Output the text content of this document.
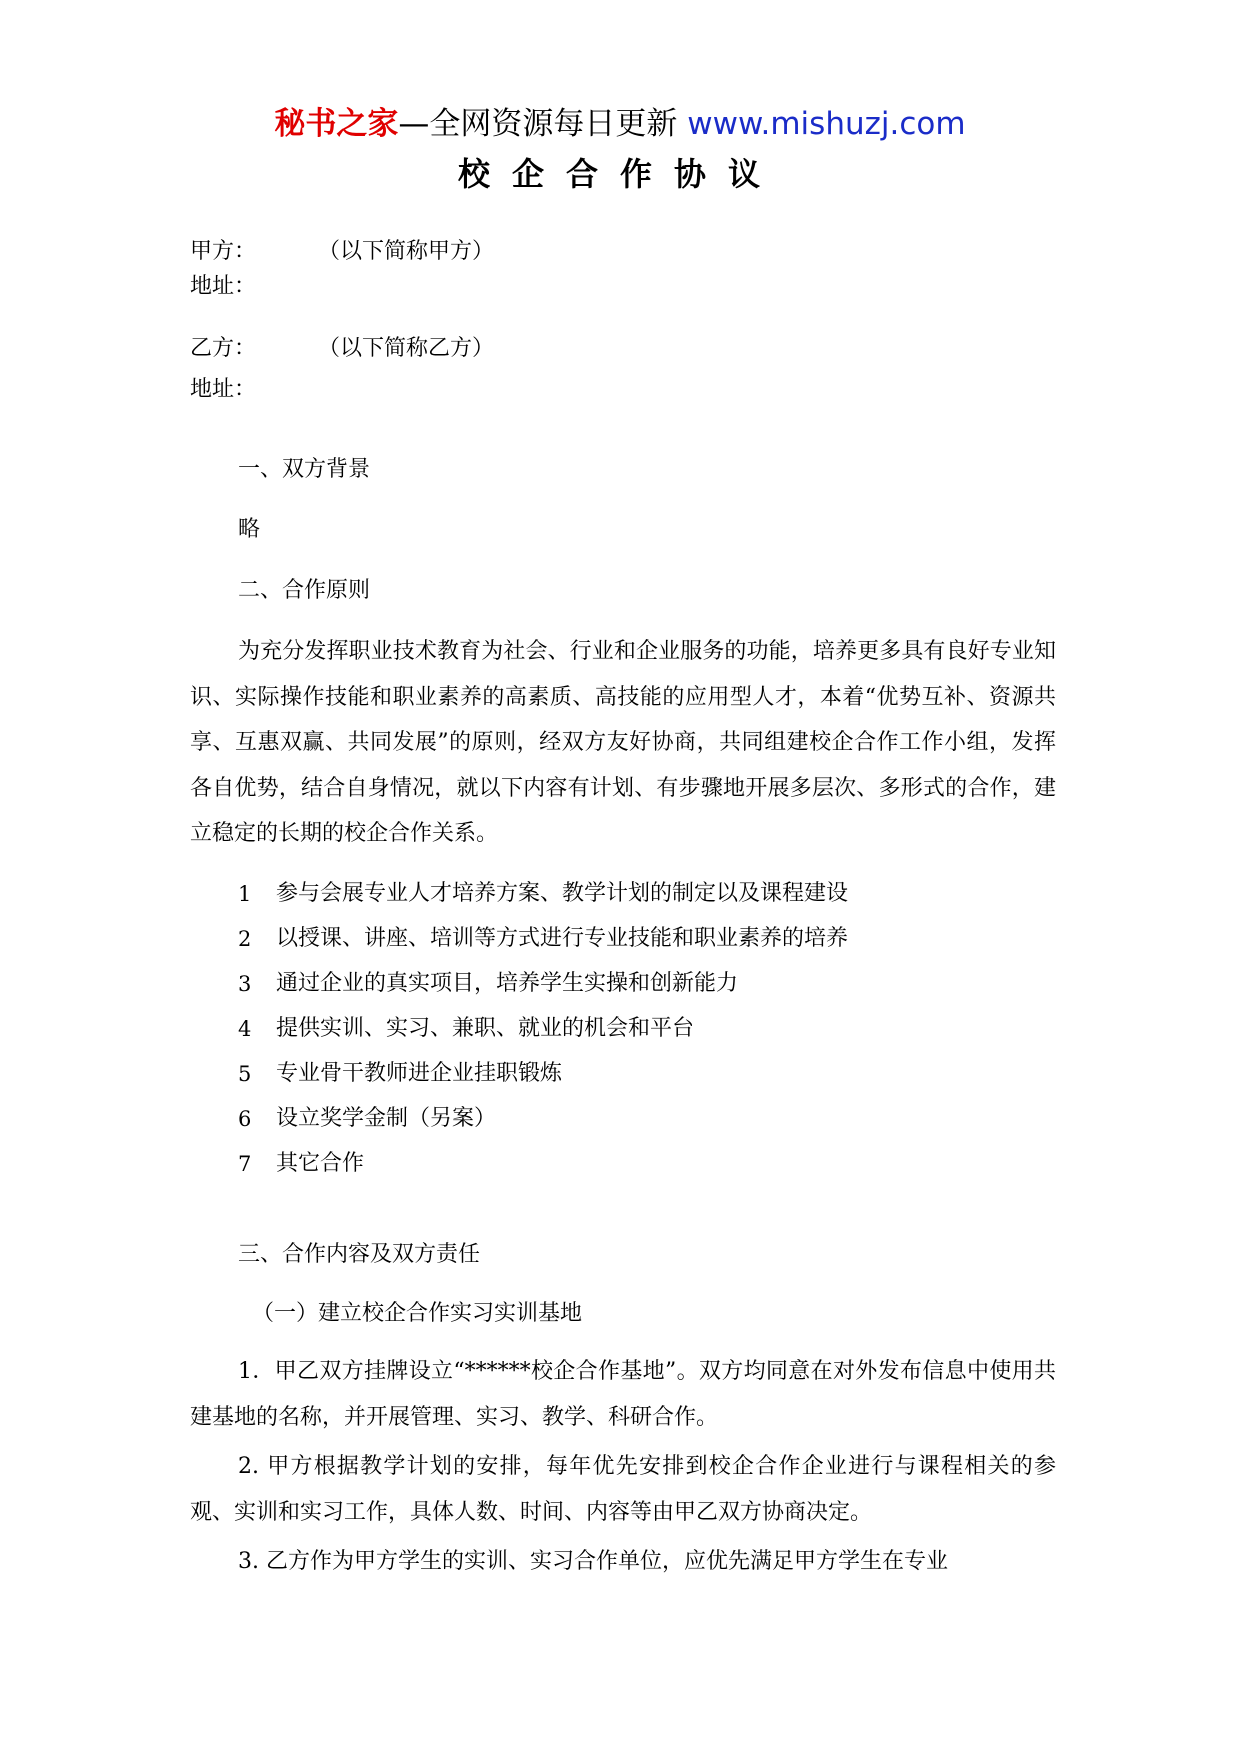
秘书之家—全网资源每日更新 www.mishuzj.com
校企合作协议
甲方：	（以下简称甲方）
地址：
乙方：	（以下简称乙方）
地址：
一、双方背景
略
二、合作原则
为充分发挥职业技术教育为社会、行业和企业服务的功能，培养更多具有良好专业知识、实际操作技能和职业素养的高素质、高技能的应用型人才，本着“优势互补、资源共享、互惠双赢、共同发展”的原则，经双方友好协商，共同组建校企合作工作小组，发挥各自优势，结合自身情况，就以下内容有计划、有步骤地开展多层次、多形式的合作，建立稳定的长期的校企合作关系。
1 参与会展专业人才培养方案、教学计划的制定以及课程建设
2 以授课、讲座、培训等方式进行专业技能和职业素养的培养
3 通过企业的真实项目，培养学生实操和创新能力
4 提供实训、实习、兼职、就业的机会和平台
5 专业骨干教师进企业挂职锻炼
6 设立奖学金制（另案）
7 其它合作
三、合作内容及双方责任
（一）建立校企合作实习实训基地
1．甲乙双方挂牌设立“******校企合作基地”。双方均同意在对外发布信息中使用共建基地的名称，并开展管理、实习、教学、科研合作。
2. 甲方根据教学计划的安排，每年优先安排到校企合作企业进行与课程相关的参观、实训和实习工作，具体人数、时间、内容等由甲乙双方协商决定。
3. 乙方作为甲方学生的实训、实习合作单位，应优先满足甲方学生在专业
